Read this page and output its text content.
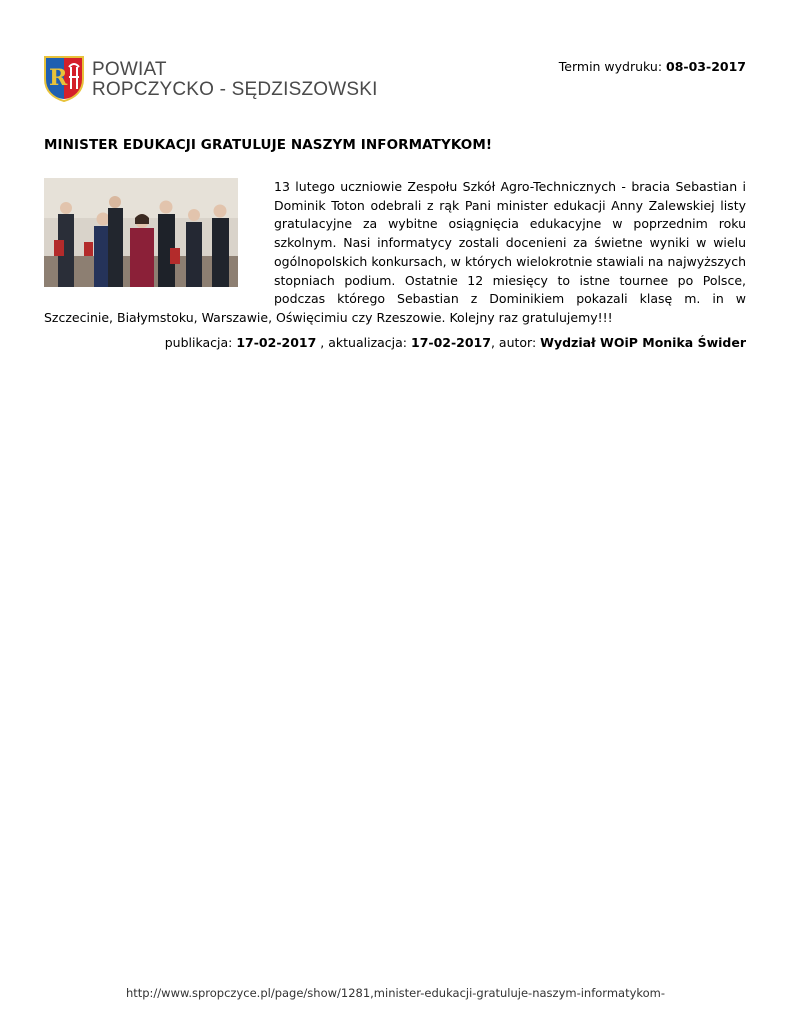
R POWIAT
ROPCZYCKO - SĘDZISZOWSKI
Termin wydruku: 08-03-2017
MINISTER EDUKACJI GRATULUJE NASZYM INFORMATYKOM!
13 lutego uczniowie Zespołu Szkół Agro-Technicznych - bracia Sebastian i Dominik Toton odebrali z rąk Pani minister edukacji Anny Zalewskiej listy gratulacyjne za wybitne osiągnięcia edukacyjne w poprzednim roku szkolnym. Nasi informatycy zostali docenieni za świetne wyniki w wielu ogólnopolskich konkursach, w których wielokrotnie stawiali na najwyższych stopniach podium. Ostatnie 12 miesięcy to istne tournee po Polsce, podczas którego Sebastian z Dominikiem pokazali klasę m. in w Szczecinie, Białymstoku, Warszawie, Oświęcimiu czy Rzeszowie. Kolejny raz gratulujemy!!!
publikacja: 17-02-2017 , aktualizacja: 17-02-2017, autor: Wydział WOiP Monika Świder
http://www.spropczyce.pl/page/show/1281,minister-edukacji-gratuluje-naszym-informatykom-
